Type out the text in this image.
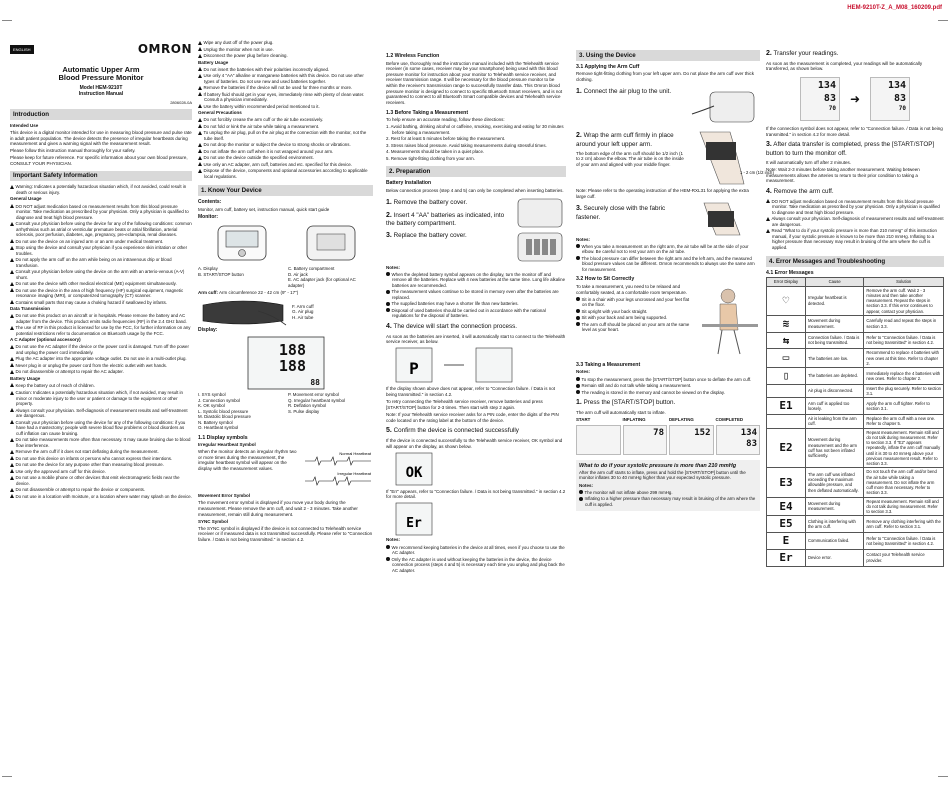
HEM-9210T-Z_A_M08_160209.pdf
ENGLISH	OMRON
Automatic Upper Arm
Blood Pressure Monitor
Model HEM-9210T
Instruction Manual
2806028-0A
Introduction

Intended Use

This device is a digital monitor intended for use in measuring blood pressure and pulse rate in adult patient population. The device detects the presence of irregular heartbeats during measurement and gives a warning signal with the measurement result.

Please follow this instruction manual thoroughly for your safety.

Please keep for future reference. For specific information about your own blood pressure, CONSULT YOUR PHYSICIAN.

Important Safety Information

Warning: Indicates a potentially hazardous situation which, if not avoided, could result in death or serious injury.

General Usage

DO NOT adjust medication based on measurement results from this blood pressure monitor. Take medication as prescribed by your physician. Only a physician is qualified to diagnose and treat high blood pressure.

Consult your physician before using the device for any of the following conditions: common arrhythmias such as atrial or ventricular premature beats or atrial fibrillation, arterial sclerosis, poor perfusion, diabetes, age, pregnancy, pre-eclampsia, renal diseases.

Do not use the device on an injured arm or an arm under medical treatment.

Stop using the device and consult your physician if you experience skin irritation or other troubles.

Do not apply the arm cuff on the arm while being on an intravenous drip or blood transfusion.

Consult your physician before using the device on the arm with an arterio-venous (A-V) shunt.

Do not use the device with other medical electrical (ME) equipment simultaneously.

Do not use the device in the area of high frequency (HF) surgical equipment, magnetic resonance imaging (MRI), or computerized tomography (CT) scanner.

Contains small parts that may cause a choking hazard if swallowed by infants.

Data Transmission

Do not use this product on an aircraft or in hospitals. Please remove the battery and AC adapter from the device. This product emits radio frequencies (RF) in the 2.4 GHz band.

The use of RF in this product is licensed for use by the FCC, for further information on any potential restrictions refer to documentation on Bluetooth usage by the FCC.

A C Adapter (optional accessory)

Do not use the AC adapter if the device or the power cord is damaged. Turn off the power and unplug the power cord immediately.

Plug the AC adapter into the appropriate voltage outlet. Do not use in a multi-outlet plug.

Never plug in or unplug the power cord from the electric outlet with wet hands.

Do not disassemble or attempt to repair the AC adapter.

Battery Usage

Keep the battery out of reach of children.

Caution: Indicates a potentially hazardous situation which, if not avoided, may result in minor or moderate injury to the user or patient or damage to the equipment or other property.

Always consult your physician. Self-diagnosis of measurement results and self-treatment are dangerous.

Consult your physician before using the device for any of the following conditions: if you have had a mastectomy; people with severe blood flow problems or blood disorders as cuff inflation can cause bruising.

Do not take measurements more often than necessary. It may cause bruising due to blood flow interference.

Remove the arm cuff if it does not start deflating during the measurement.

Do not use this device on infants or persons who cannot express their intentions.

Do not use the device for any purpose other than measuring blood pressure.

Use only the approved arm cuff for this device.

Do not use a mobile phone or other devices that emit electromagnetic fields near the device.

Do not disassemble or attempt to repair the device or components.

Do not use in a location with moisture, or a location where water may splash on the device.

Wipe any dust off of the power plug.

Unplug the monitor when not in use.

Disconnect the power plug before cleaning.

Battery Usage

Do not insert the batteries with their polarities incorrectly aligned.

Use only 4 "AA" alkaline or manganese batteries with this device. Do not use other types of batteries. Do not use new and used batteries together.

Remove the batteries if the device will not be used for three months or more.

If battery fluid should get in your eyes, immediately rinse with plenty of clean water. Consult a physician immediately.

Use the battery within recommended period mentioned to it.

General Precautions

Do not forcibly crease the arm cuff or the air tube excessively.

Do not fold or kink the air tube while taking a measurement.

To unplug the air plug, pull on the air plug at the connection with the monitor, not the tube itself.

Do not drop the monitor or subject the device to strong shocks or vibrations.

Do not inflate the arm cuff when it is not wrapped around your arm.

Do not use the device outside the specified environment.

Use only an AC adapter, arm cuff, batteries and etc. specified for this device.

Dispose of the device, components and optional accessories according to applicable local regulations.

1. Know Your Device

Contents:

Monitor, arm cuff, battery set, instruction manual, quick start guide

Monitor:

A. Display	C. Battery compartment
B. START/STOP button	D. Air jack
E. AC adapter jack (for optional AC adapter)

Arm cuff: Arm circumference 22 - 42 cm (9" - 17")

F. Arm cuff
G. Air plug
H. Air tube

Display:

188
188
88
I. SYS symbol	P. Movement error symbol
J. Connection symbol	Q. Irregular heartbeat symbol
K. OK symbol	R. Deflation symbol
L. Systolic blood pressure	S. Pulse display
M. Diastolic blood pressure
N. Battery symbol
O. Heartbeat symbol
1.1 Display symbols

Irregular Heartbeat Symbol

When the monitor detects an irregular rhythm two or more times during the measurement, the irregular heartbeat symbol will appear on the display with the measurement values.

Normal Heartbeat
Irregular Heartbeat

Movement Error Symbol

The movement error symbol is displayed if you move your body during the measurement. Please remove the arm cuff, and wait 2 - 3 minutes. Take another measurement, remain still during measurement.

SYNC Symbol

The SYNC symbol is displayed if the device is not connected to Telehealth service receiver or if measured data is not transmitted successfully. Please refer to "Connection failure. / Data is not being transmitted." in section 4.2.

1.2 Wireless Function

Before use, thoroughly read the instruction manual included with the Telehealth service receiver (in some cases, receiver may be your smartphone) being used with this blood pressure monitor for instruction about your monitor to Telehealth service receiver, and receiver transmission range. It will be necessary for the blood pressure monitor to be within the receiver's transmission range to successfully transfer data. This Omron blood pressure monitor is designed to connect to specific Bluetooth Smart receivers, and is not guaranteed to connect to all Bluetooth Smart compatible devices and Telehealth service receivers.

1.3 Before Taking a Measurement

To help ensure an accurate reading, follow these directions:

1. Avoid bathing, drinking alcohol or caffeine, smoking, exercising and eating for 30 minutes before taking a measurement.

2. Rest for at least 5 minutes before taking the measurement.

3. Stress raises blood pressure. Avoid taking measurements during stressful times.

4. Measurements should be taken in a quiet place.

5. Remove tight-fitting clothing from your arm.

2. Preparation

Battery Installation

Below connection process (step 4 and 5) can only be completed when inserting batteries.

1. Remove the battery cover.
2. Insert 4 "AA" batteries as indicated, into the battery compartment.
3. Replace the battery cover.

Notes:

When the depleted battery symbol appears on the display, turn the monitor off and remove all the batteries. Replace with 4 new batteries at the same time. Long life alkaline batteries are recommended.

The measurement values continue to be stored in memory even after the batteries are replaced.

The supplied batteries may have a shorter life than new batteries.

Disposal of used batteries should be carried out in accordance with the national regulations for the disposal of batteries.

4. The device will start the connection process.

As soon as the batteries are inserted, it will automatically start to connect to the Telehealth service receiver, as below.

P

If the display shown above does not appear, refer to "Connection failure. / Data is not being transmitted." in section 4.2.

To retry connecting the Telehealth service receiver, remove batteries and press [START/STOP] button for 2-3 times. Then start with step 2 again.

Note: If your Telehealth service receiver asks for a PIN code, enter the digits of the PIN code located on the rating label at the bottom of the device.

5. Confirm the device is connected successfully

If the device is connected successfully to the Telehealth service receiver, OK symbol and will appear on the display, as shown below.

OK

If "Err" appears, refer to "Connection failure. / Data is not being transmitted." in section 4.2 for more detail.

Er

Notes:

We recommend keeping batteries in the device at all times, even if you choose to use the AC adapter.

Only the AC adapter is used without keeping the batteries in the device, the device connection process (steps 4 and 5) is necessary each time you unplug and plug back the AC adapter.

3. Using the Device
3.1 Applying the Arm Cuff

Remove tight-fitting clothing from your left upper arm. Do not place the arm cuff over thick clothing.

1. Connect the air plug to the unit.
2. Wrap the arm cuff firmly in place around your left upper arm.

The bottom edge of the arm cuff should be 1/2 inch (1 to 2 cm) above the elbow. The air tube is on the inside of your arm and aligned with your middle finger.

1 - 2 cm (1/2 inch)

Note: Please refer to the operating instruction of the HEM-RXL31 for applying the extra large cuff.

3. Securely close with the fabric fastener.

Notes:

When you take a measurement on the right arm, the air tube will be at the side of your elbow. Be careful not to rest your arm on the air tube.

The blood pressure can differ between the right arm and the left arm, and the measured blood pressure values can be different. Omron recommends to always use the same arm for measurement.

3.2 How to Sit Correctly

To take a measurement, you need to be relaxed and comfortably seated, at a comfortable room temperature.

Sit in a chair with your legs uncrossed and your feet flat on the floor.

Sit upright with your back straight.

Sit with your back and arm being supported.

The arm cuff should be placed on your arm at the same level as your heart.

3.3 Taking a Measurement

Notes:

To stop the measurement, press the [START/STOP] button once to deflate the arm cuff.

Remain still and do not talk while taking a measurement.

The reading is stored in the memory and cannot be viewed on the display.

1. Press the [START/STOP] button.

The arm cuff will automatically start to inflate.

START	INFLATING
78
DEFLATING
152
COMPLETED
134
83
What to do if your systolic pressure is more than 210 mmHg

After the arm cuff starts to inflate, press and hold the [START/STOP] button until the monitor inflates 30 to 40 mmHg higher than your expected systolic pressure.

Notes:

The monitor will not inflate above 299 mmHg.

Inflating to a higher pressure than necessary may result in bruising of the arm where the cuff is applied.

2. Transfer your readings.

As soon as the measurement is completed, your readings will be automatically transferred, as shown below.

134
83
70
➜
134
83
70

If the connection symbol does not appear, refer to "Connection failure. / Data is not being transmitted." in section 4.2 for more detail.

3. After data transfer is completed, press the [START/STOP] button to turn the monitor off.

It will automatically turn off after 2 minutes.

Note: Wait 2-3 minutes before taking another measurement. Waiting between measurements allows the arteries to return to their prior condition to taking a measurement.

4. Remove the arm cuff.

DO NOT adjust medication based on measurement results from this blood pressure monitor. Take medication as prescribed by your physician. Only a physician is qualified to diagnose and treat high blood pressure.

Always consult your physician. Self-diagnosis of measurement results and self-treatment are dangerous.

Read "What to do if your systolic pressure is more than 210 mmHg" of this instruction manual, if your systolic pressure is known to be more than 210 mmHg. Inflating to a higher pressure than necessary may result in bruising of the arm where the cuff is applied.

4. Error Messages and Troubleshooting
4.1 Error Messages
Error Display	Cause	Solution
♡	Irregular heartbeat is detected.	Remove the arm cuff. Wait 2 - 3 minutes and then take another measurement. Repeat the steps in section 3.3. If this error continues to appear, contact your physician.
≋	Movement during measurement.	Carefully read and repeat the steps in section 3.3.
⇆	Connection failure. / Data is not being transmitted.	Refer to "Connection failure. / Data is not being transmitted" in section 4.2.
▭	The batteries are low.	Recommend to replace 4 batteries with new ones at this time. Refer to chapter 2.
▯	The batteries are depleted.	Immediately replace the 4 batteries with new ones. Refer to chapter 2.
	Air plug is disconnected.	Insert the plug securely. Refer to section 3.1.
E1	Arm cuff is applied too loosely.	Apply the arm cuff tighter. Refer to section 3.1.
	Air is leaking from the arm cuff.	Replace the arm cuff with a new one. Refer to chapter 5.
E2	Movement during measurement and the arm cuff has not been inflated sufficiently.	Repeat measurement. Remain still and do not talk during measurement. Refer to section 3.3. If "E2" appears repeatedly, inflate the arm cuff manually until it is 30 to 40 mmHg above your previous measurement result. Refer to section 3.3.
E3	The arm cuff was inflated exceeding the maximum allowable pressure, and then deflated automatically.	Do not touch the arm cuff and/or bend the air tube while taking a measurement. Do not inflate the arm cuff more than necessary. Refer to section 3.3.
E4	Movement during measurement.	Repeat measurement. Remain still and do not talk during measurement. Refer to section 3.3.
E5	Clothing is interfering with the arm cuff.	Remove any clothing interfering with the arm cuff. Refer to section 3.1.
E	Communication failed.	Refer to "Connection failure. / Data is not being transmitted" in section 4.2.
Er	Device error.	Contact your Telehealth service provider.
